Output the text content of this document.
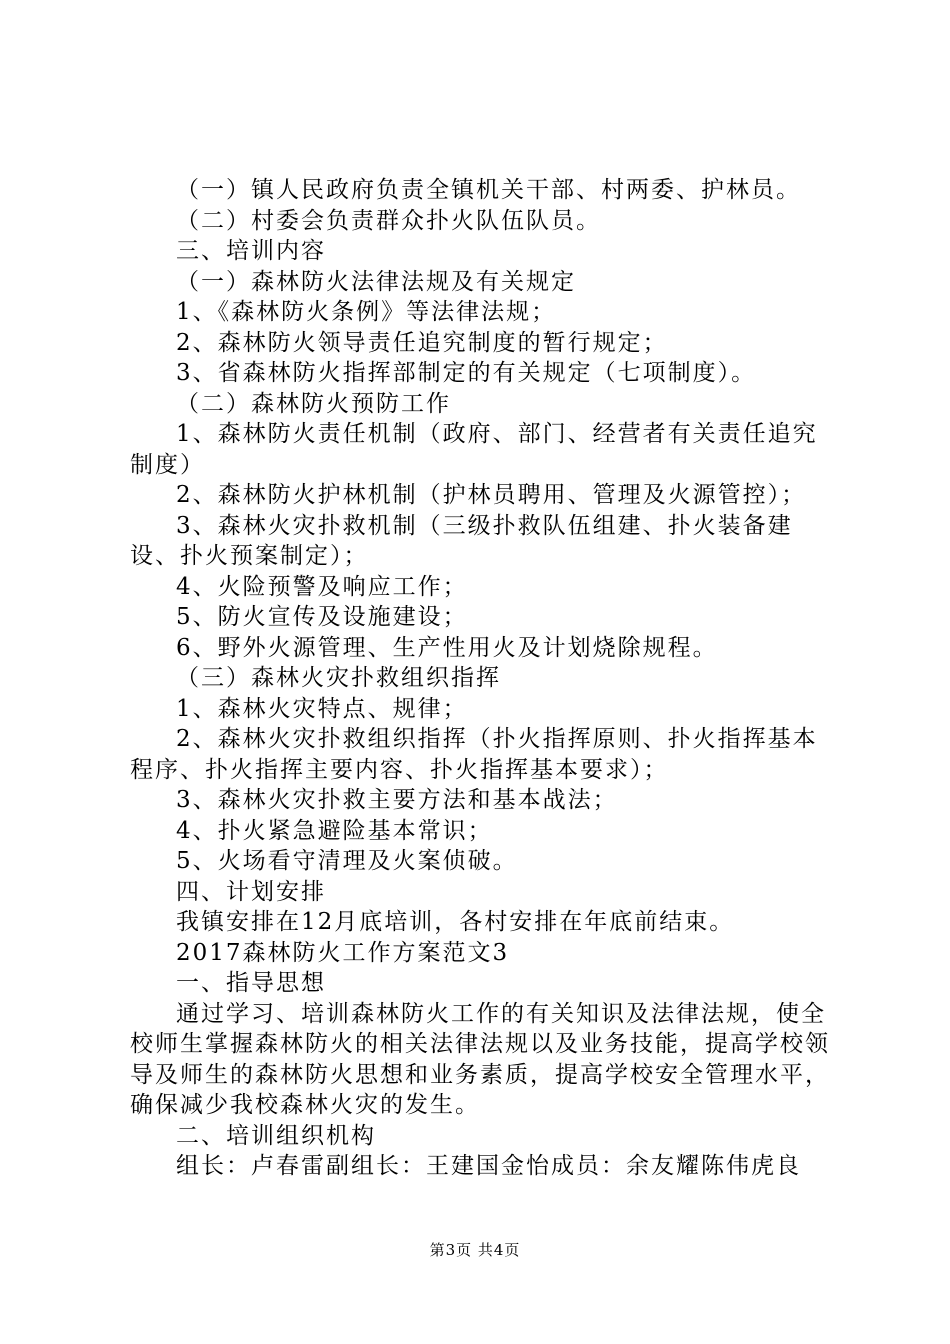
（一）镇人民政府负责全镇机关干部、村两委、护林员。

（二）村委会负责群众扑火队伍队员。

三、培训内容

（一）森林防火法律法规及有关规定

1、《森林防火条例》等法律法规；

2、森林防火领导责任追究制度的暂行规定；

3、省森林防火指挥部制定的有关规定（七项制度）。

（二）森林防火预防工作

1、森林防火责任机制（政府、部门、经营者有关责任追究制度）

2、森林防火护林机制（护林员聘用、管理及火源管控）；

3、森林火灾扑救机制（三级扑救队伍组建、扑火装备建设、扑火预案制定）；

4、火险预警及响应工作；

5、防火宣传及设施建设；

6、野外火源管理、生产性用火及计划烧除规程。

（三）森林火灾扑救组织指挥

1、森林火灾特点、规律；

2、森林火灾扑救组织指挥（扑火指挥原则、扑火指挥基本程序、扑火指挥主要内容、扑火指挥基本要求）；

3、森林火灾扑救主要方法和基本战法；

4、扑火紧急避险基本常识；

5、火场看守清理及火案侦破。

四、计划安排

我镇安排在12月底培训，各村安排在年底前结束。

2017森林防火工作方案范文3

一、指导思想

通过学习、培训森林防火工作的有关知识及法律法规，使全校师生掌握森林防火的相关法律法规以及业务技能，提高学校领导及师生的森林防火思想和业务素质，提高学校安全管理水平，确保减少我校森林火灾的发生。

二、培训组织机构

组长：卢春雷副组长：王建国金怡成员：余友耀陈伟虎良

第3页 共4页
